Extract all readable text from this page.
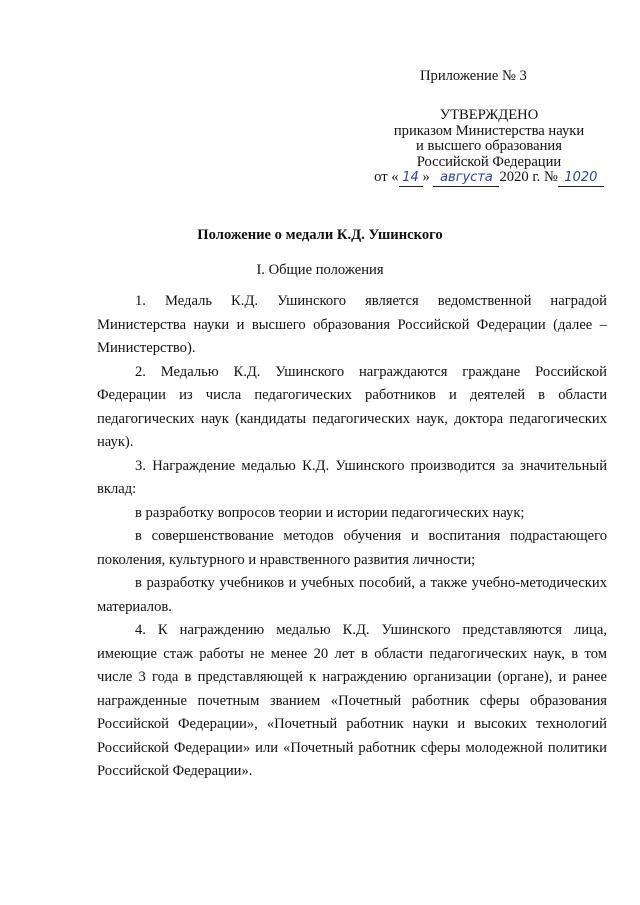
Приложение № 3
УТВЕРЖДЕНО
приказом Министерства науки
и высшего образования
Российской Федерации
от « 14 » августа 2020 г. № 1020
Положение о медали К.Д. Ушинского
I. Общие положения

1. Медаль К.Д. Ушинского является ведомственной наградой Министерства науки и высшего образования Российской Федерации (далее – Министерство).

2. Медалью К.Д. Ушинского награждаются граждане Российской Федерации из числа педагогических работников и деятелей в области педагогических наук (кандидаты педагогических наук, доктора педагогических наук).

3. Награждение медалью К.Д. Ушинского производится за значительный вклад:

в разработку вопросов теории и истории педагогических наук;

в совершенствование методов обучения и воспитания подрастающего поколения, культурного и нравственного развития личности;

в разработку учебников и учебных пособий, а также учебно-методических материалов.

4. К награждению медалью К.Д. Ушинского представляются лица, имеющие стаж работы не менее 20 лет в области педагогических наук, в том числе 3 года в представляющей к награждению организации (органе), и ранее награжденные почетным званием «Почетный работник сферы образования Российской Федерации», «Почетный работник науки и высоких технологий Российской Федерации» или «Почетный работник сферы молодежной политики Российской Федерации».
